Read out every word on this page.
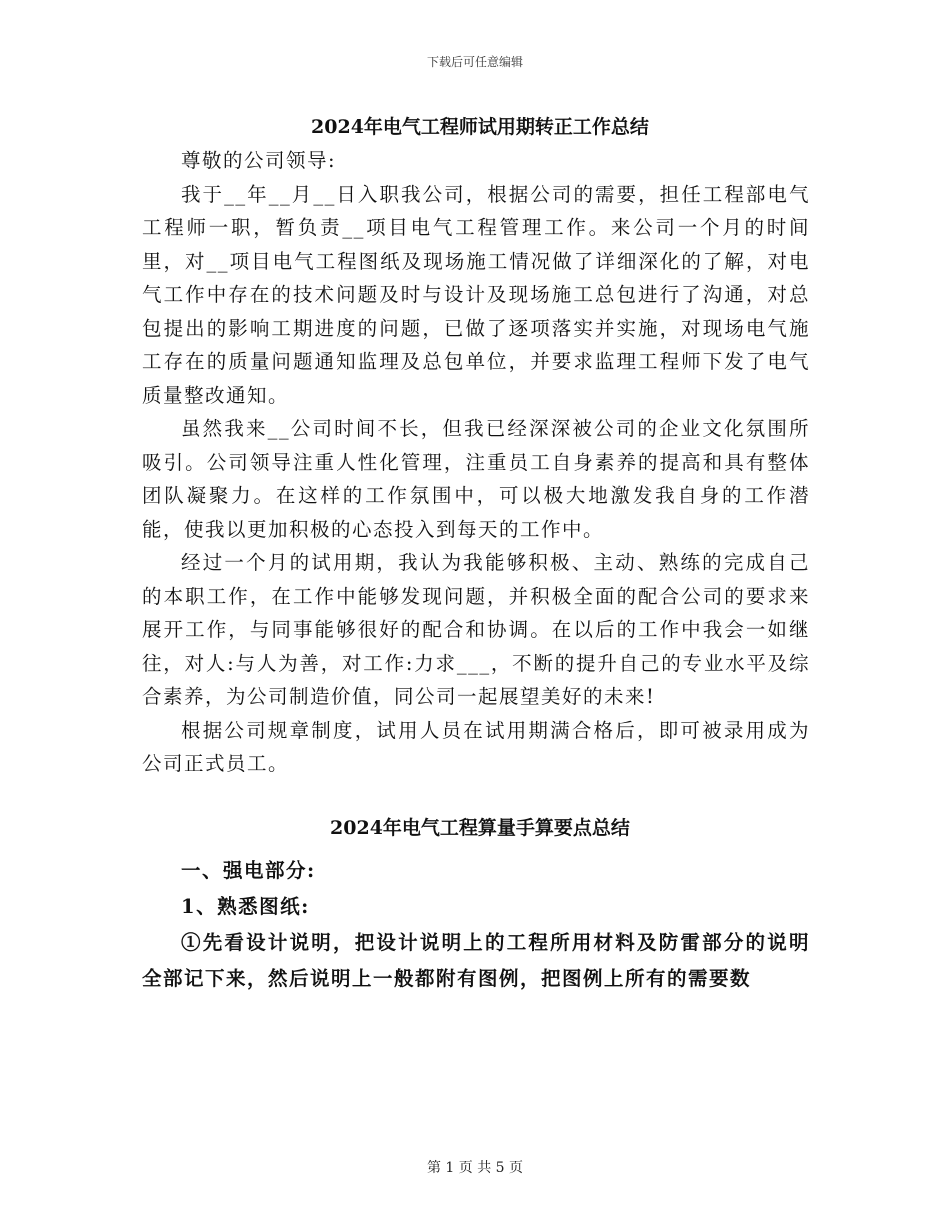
下载后可任意编辑
2024年电气工程师试用期转正工作总结

尊敬的公司领导:

我于__年__月__日入职我公司，根据公司的需要，担任工程部电气工程师一职，暂负责__项目电气工程管理工作。来公司一个月的时间里，对__项目电气工程图纸及现场施工情况做了详细深化的了解，对电气工作中存在的技术问题及时与设计及现场施工总包进行了沟通，对总包提出的影响工期进度的问题，已做了逐项落实并实施，对现场电气施工存在的质量问题通知监理及总包单位，并要求监理工程师下发了电气质量整改通知。

虽然我来__公司时间不长，但我已经深深被公司的企业文化氛围所吸引。公司领导注重人性化管理，注重员工自身素养的提高和具有整体团队凝聚力。在这样的工作氛围中，可以极大地激发我自身的工作潜能，使我以更加积极的心态投入到每天的工作中。

经过一个月的试用期，我认为我能够积极、主动、熟练的完成自己的本职工作，在工作中能够发现问题，并积极全面的配合公司的要求来展开工作，与同事能够很好的配合和协调。在以后的工作中我会一如继往，对人:与人为善，对工作:力求___，不断的提升自己的专业水平及综合素养，为公司制造价值，同公司一起展望美好的未来!

根据公司规章制度，试用人员在试用期满合格后，即可被录用成为公司正式员工。

2024年电气工程算量手算要点总结

一、强电部分:

1、熟悉图纸:

①先看设计说明，把设计说明上的工程所用材料及防雷部分的说明全部记下来，然后说明上一般都附有图例，把图例上所有的需要数

第 1 页 共 5 页
